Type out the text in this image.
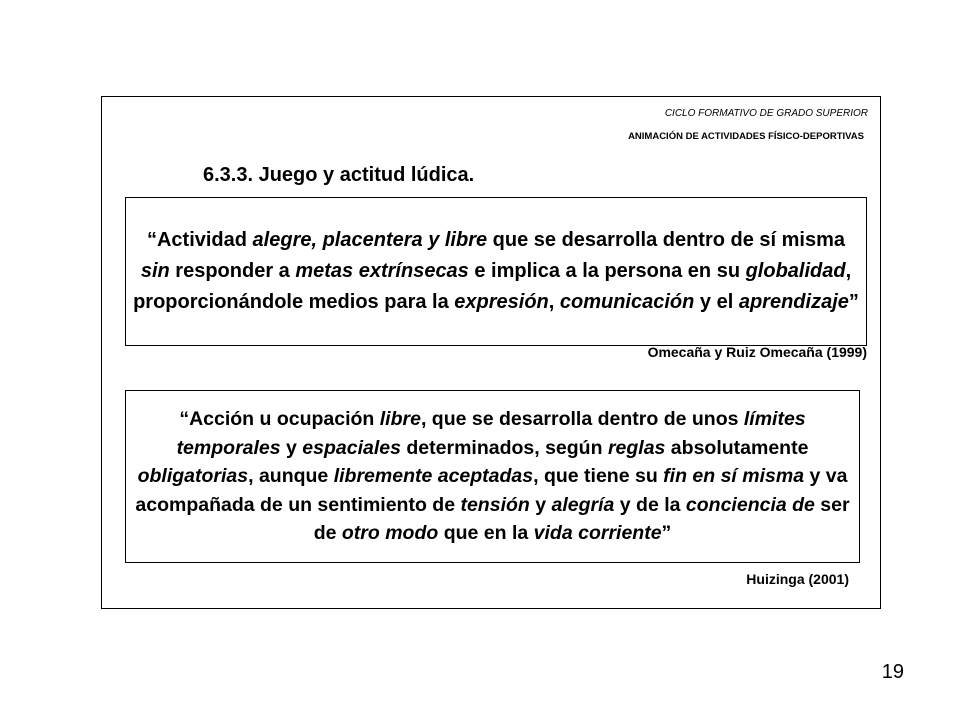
CICLO FORMATIVO DE GRADO SUPERIOR
ANIMACIÓN DE ACTIVIDADES FÍSICO-DEPORTIVAS
6.3.3. Juego y actitud lúdica.

“Actividad alegre, placentera y libre que se desarrolla dentro de sí misma sin responder a metas extrínsecas e implica a la persona en su globalidad, proporcionándole medios para la expresión, comunicación y el aprendizaje”

Omecaña y Ruiz Omecaña (1999)

“Acción u ocupación libre, que se desarrolla dentro de unos límites temporales y espaciales determinados, según reglas absolutamente obligatorias, aunque libremente aceptadas, que tiene su fin en sí misma y va acompañada de un sentimiento de tensión y alegría y de la conciencia de ser de otro modo que en la vida corriente”

Huizinga (2001)
19
